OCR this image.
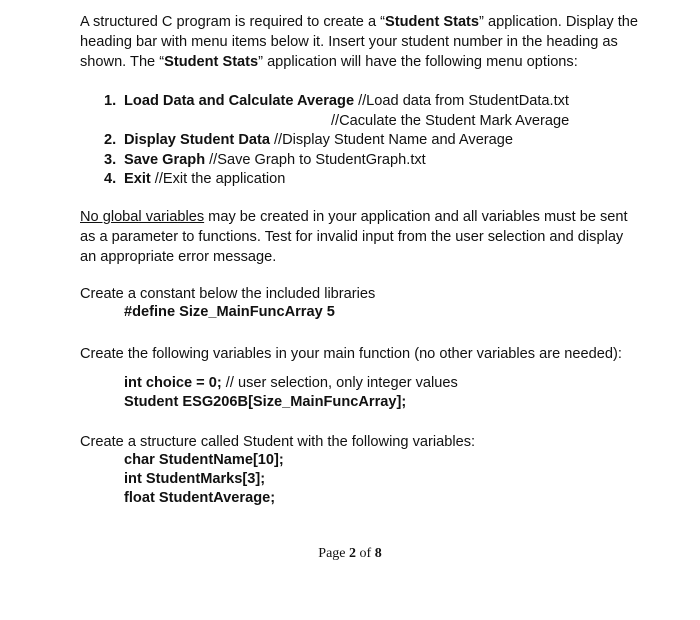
A structured C program is required to create a “Student Stats” application. Display the heading bar with menu items below it. Insert your student number in the heading as shown. The “Student Stats” application will have the following menu options:
1. Load Data and Calculate Average //Load data from StudentData.txt
//Caculate the Student Mark Average
2. Display Student Data //Display Student Name and Average
3. Save Graph //Save Graph to StudentGraph.txt
4. Exit //Exit the application
No global variables may be created in your application and all variables must be sent as a parameter to functions. Test for invalid input from the user selection and display an appropriate error message.
Create a constant below the included libraries
#define Size_MainFuncArray 5
Create the following variables in your main function (no other variables are needed):
int choice = 0; // user selection, only integer values
Student ESG206B[Size_MainFuncArray];
Create a structure called Student with the following variables:
char StudentName[10];
int StudentMarks[3];
float StudentAverage;
Page 2 of 8
